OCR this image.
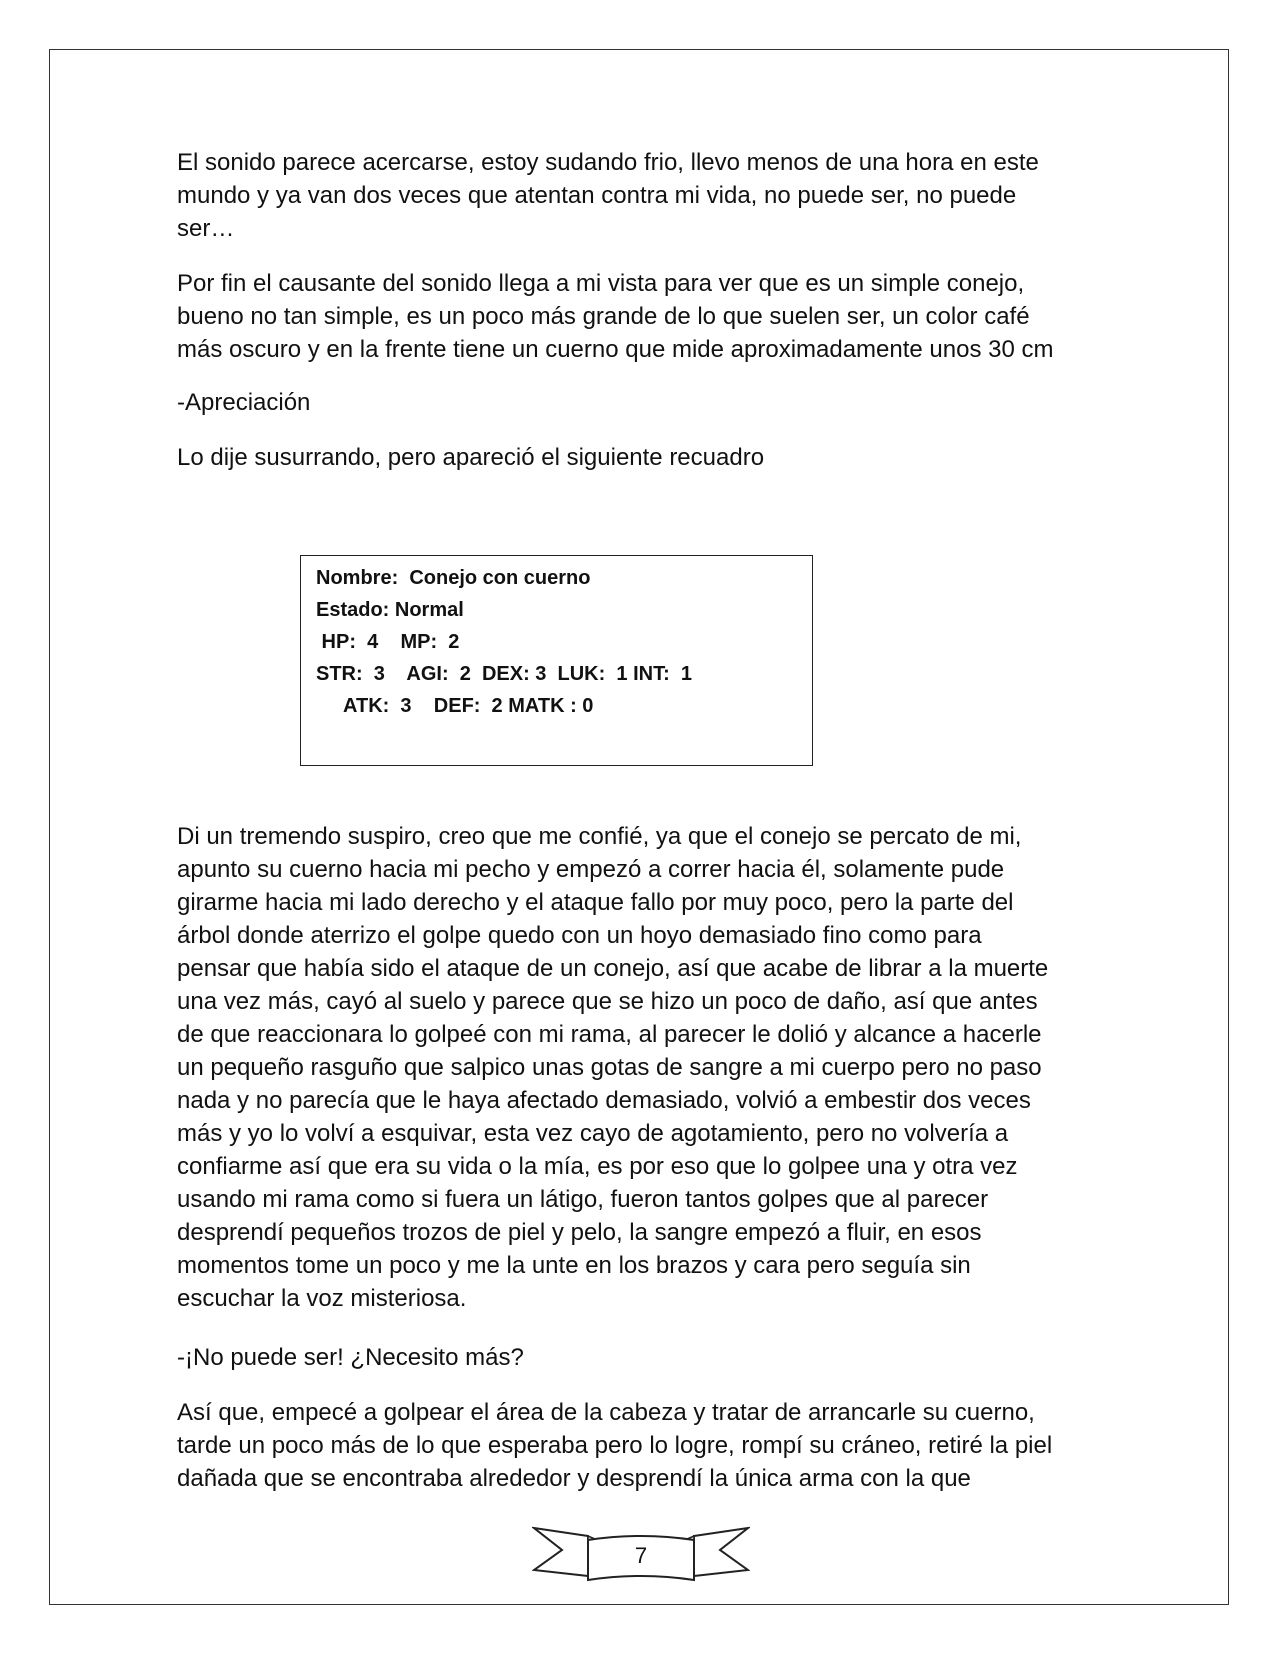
El sonido parece acercarse, estoy sudando frio, llevo menos de una hora en este
mundo y ya van dos veces que atentan contra mi vida, no puede ser, no puede
ser…

Por fin el causante del sonido llega a mi vista para ver que es un simple conejo,
bueno no tan simple, es un poco más grande de lo que suelen ser, un color café
más oscuro y en la frente tiene un cuerno que mide aproximadamente unos 30 cm

-Apreciación

Lo dije susurrando, pero apareció el siguiente recuadro

Nombre:  Conejo con cuerno
Estado: Normal
HP:  4    MP:  2
STR:  3    AGI:  2  DEX: 3  LUK:  1 INT:  1
ATK:  3    DEF:  2 MATK : 0

Di un tremendo suspiro, creo que me confié, ya que el conejo se percato de mi,
apunto su cuerno hacia mi pecho y empezó a correr hacia él, solamente pude
girarme hacia mi lado derecho y el ataque fallo por muy poco, pero la parte del
árbol donde aterrizo el golpe quedo con un hoyo demasiado fino como para
pensar que había sido el ataque de un conejo, así que acabe de librar a la muerte
una vez más, cayó al suelo y parece que se hizo un poco de daño, así que antes
de que reaccionara lo golpeé con mi rama, al parecer le dolió y alcance a hacerle
un pequeño rasguño que salpico unas gotas de sangre a mi cuerpo pero no paso
nada y no parecía que le haya afectado demasiado, volvió a embestir dos veces
más y yo lo volví a esquivar, esta vez cayo de agotamiento, pero no volvería a
confiarme así que era su vida o la mía, es por eso que lo golpee una y otra vez
usando mi rama como si fuera un látigo, fueron tantos golpes que al parecer
desprendí pequeños trozos de piel y pelo, la sangre empezó a fluir, en esos
momentos tome un poco y me la unte en los brazos y cara pero seguía sin
escuchar la voz misteriosa.

-¡No puede ser! ¿Necesito más?

Así que, empecé a golpear el área de la cabeza y tratar de arrancarle su cuerno,
tarde un poco más de lo que esperaba pero lo logre, rompí su cráneo, retiré la piel
dañada que se encontraba alrededor y desprendí la única arma con la que

7
